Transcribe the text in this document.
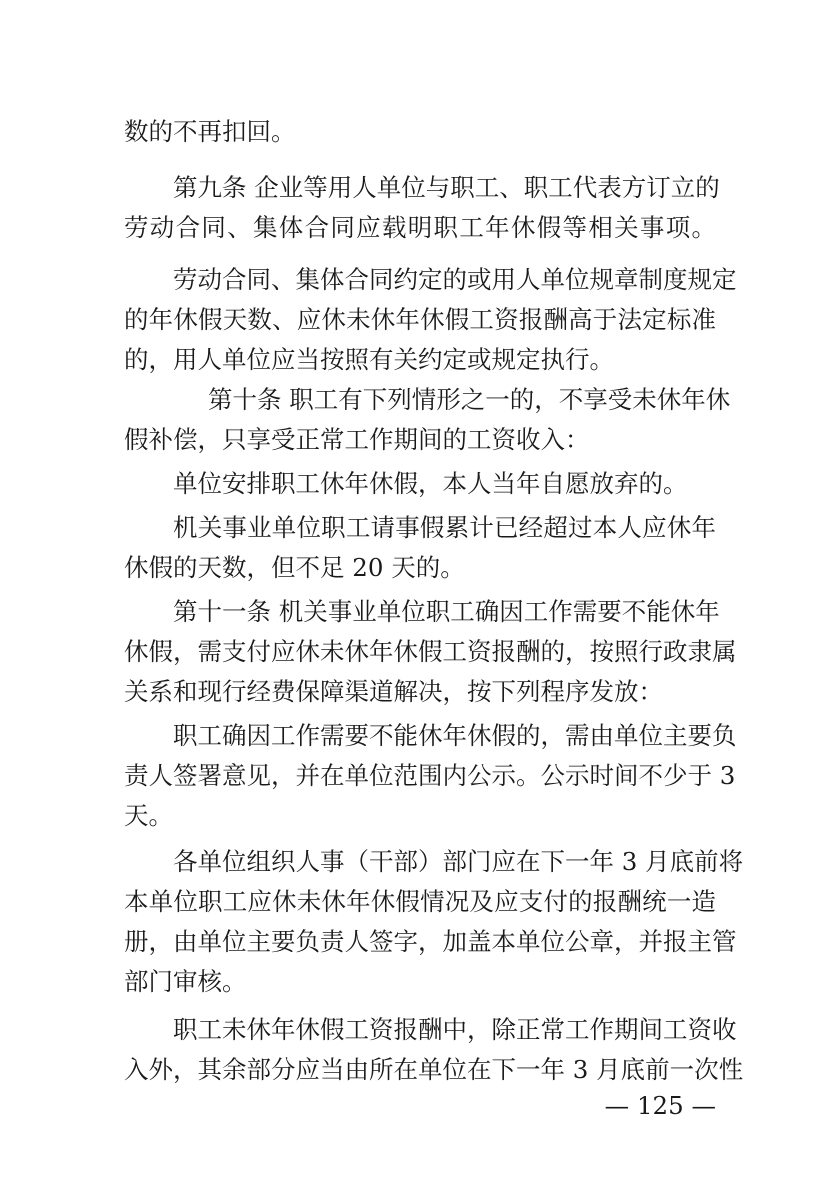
数的不再扣回。
第九条 企业等用人单位与职工、职工代表方订立的
劳动合同、集体合同应载明职工年休假等相关事项。
劳动合同、集体合同约定的或用人单位规章制度规定
的年休假天数、应休未休年休假工资报酬高于法定标准
的，用人单位应当按照有关约定或规定执行。
第十条 职工有下列情形之一的，不享受未休年休
假补偿，只享受正常工作期间的工资收入：
单位安排职工休年休假，本人当年自愿放弃的。
机关事业单位职工请事假累计已经超过本人应休年
休假的天数，但不足 20 天的。
第十一条 机关事业单位职工确因工作需要不能休年
休假，需支付应休未休年休假工资报酬的，按照行政隶属
关系和现行经费保障渠道解决，按下列程序发放：
职工确因工作需要不能休年休假的，需由单位主要负
责人签署意见，并在单位范围内公示。公示时间不少于 3
天。
各单位组织人事（干部）部门应在下一年 3 月底前将
本单位职工应休未休年休假情况及应支付的报酬统一造
册，由单位主要负责人签字，加盖本单位公章，并报主管
部门审核。
职工未休年休假工资报酬中，除正常工作期间工资收
入外，其余部分应当由所在单位在下一年 3 月底前一次性
— 125 —
